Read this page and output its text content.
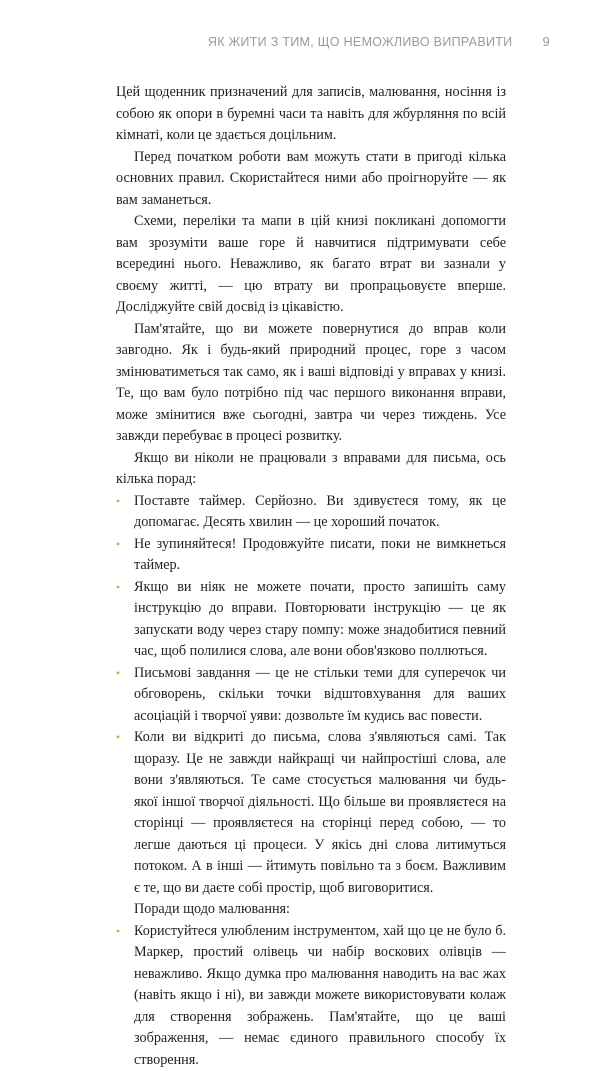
ЯК ЖИТИ З ТИМ, ЩО НЕМОЖЛИВО ВИПРАВИТИ 9

Цей щоденник призначений для записів, малювання, носіння із собою як опори в буремні часи та навіть для жбурляння по всій кімнаті, коли це здається доцільним.

Перед початком роботи вам можуть стати в пригоді кілька основних правил. Скористайтеся ними або проігноруйте — як вам заманеться.

Схеми, переліки та мапи в цій книзі покликані допомогти вам зрозуміти ваше горе й навчитися підтримувати себе всередині нього. Неважливо, як багато втрат ви зазнали у своєму житті, — цю втрату ви пропрацьовуєте вперше. Досліджуйте свій досвід із цікавістю.

Пам'ятайте, що ви можете повернутися до вправ коли завгодно. Як і будь-який природний процес, горе з часом змінюватиметься так само, як і ваші відповіді у вправах у книзі. Те, що вам було потрібно під час першого виконання вправи, може змінитися вже сьогодні, завтра чи через тиждень. Усе завжди перебуває в процесі розвитку.

Якщо ви ніколи не працювали з вправами для письма, ось кілька порад:

• Поставте таймер. Серйозно. Ви здивуєтеся тому, як це допомагає. Десять хвилин — це хороший початок.
• Не зупиняйтеся! Продовжуйте писати, поки не вимкнеться таймер.
• Якщо ви ніяк не можете почати, просто запишіть саму інструкцію до вправи. Повторювати інструкцію — це як запускати воду через стару помпу: може знадобитися певний час, щоб полилися слова, але вони обов'язково поллються.
• Письмові завдання — це не стільки теми для суперечок чи обговорень, скільки точки відштовхування для ваших асоціацій і творчої уяви: дозвольте їм кудись вас повести.
• Коли ви відкриті до письма, слова з'являються самі. Так щоразу. Це не завжди найкращі чи найпростіші слова, але вони з'являються. Те саме стосується малювання чи будь-якої іншої творчої діяльності. Що більше ви проявляєтеся на сторінці — проявляєтеся на сторінці перед собою, — то легше даються ці процеси. У якісь дні слова литимуться потоком. А в інші — йтимуть повільно та з боєм. Важливим є те, що ви даєте собі простір, щоб виговоритися.

Поради щодо малювання:

• Користуйтеся улюбленим інструментом, хай що це не було б. Маркер, простий олівець чи набір воскових олівців — неважливо. Якщо думка про малювання наводить на вас жах (навіть якщо і ні), ви завжди можете використовувати колаж для створення зображень. Пам'ятайте, що це ваші зображення, — немає єдиного правильного способу їх створення.
